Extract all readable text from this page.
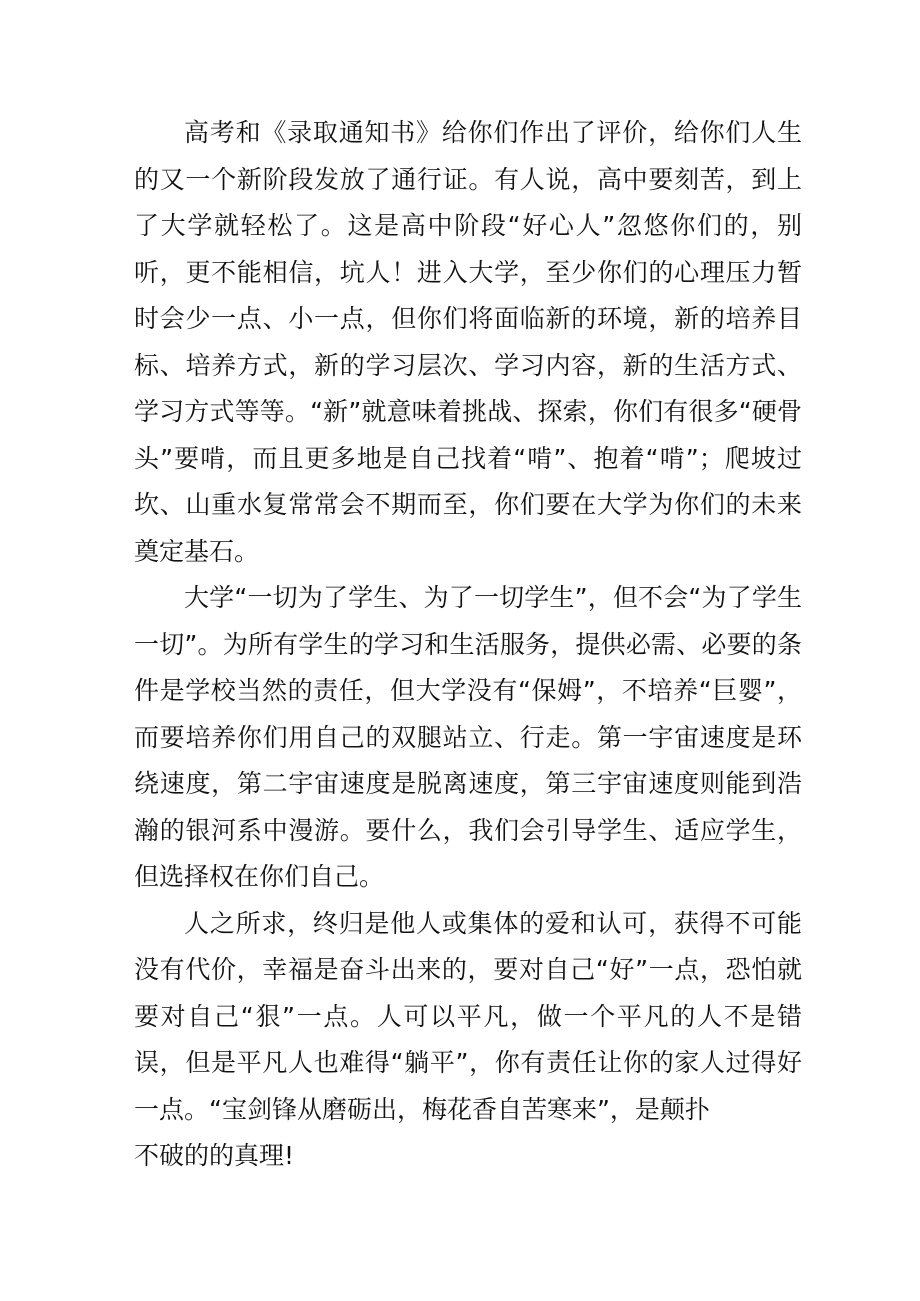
高考和《录取通知书》给你们作出了评价，给你们人生的又一个新阶段发放了通行证。有人说，高中要刻苦，到上了大学就轻松了。这是高中阶段“好心人”忽悠你们的，别听，更不能相信，坑人！进入大学，至少你们的心理压力暂时会少一点、小一点，但你们将面临新的环境，新的培养目标、培养方式，新的学习层次、学习内容，新的生活方式、学习方式等等。“新”就意味着挑战、探索，你们有很多“硬骨头”要啃，而且更多地是自己找着“啃”、抱着“啃”；爬坡过坎、山重水复常常会不期而至，你们要在大学为你们的未来奠定基石。

大学“一切为了学生、为了一切学生”，但不会“为了学生一切”。为所有学生的学习和生活服务，提供必需、必要的条件是学校当然的责任，但大学没有“保姆”，不培养“巨婴”，而要培养你们用自己的双腿站立、行走。第一宇宙速度是环绕速度，第二宇宙速度是脱离速度，第三宇宙速度则能到浩瀚的银河系中漫游。要什么，我们会引导学生、适应学生，但选择权在你们自己。

人之所求，终归是他人或集体的爱和认可，获得不可能没有代价，幸福是奋斗出来的，要对自己“好”一点，恐怕就要对自己“狠”一点。人可以平凡，做一个平凡的人不是错误，但是平凡人也难得“躺平”，你有责任让你的家人过得好一点。“宝剑锋从磨砺出，梅花香自苦寒来”，是颠扑

不破的的真理!
